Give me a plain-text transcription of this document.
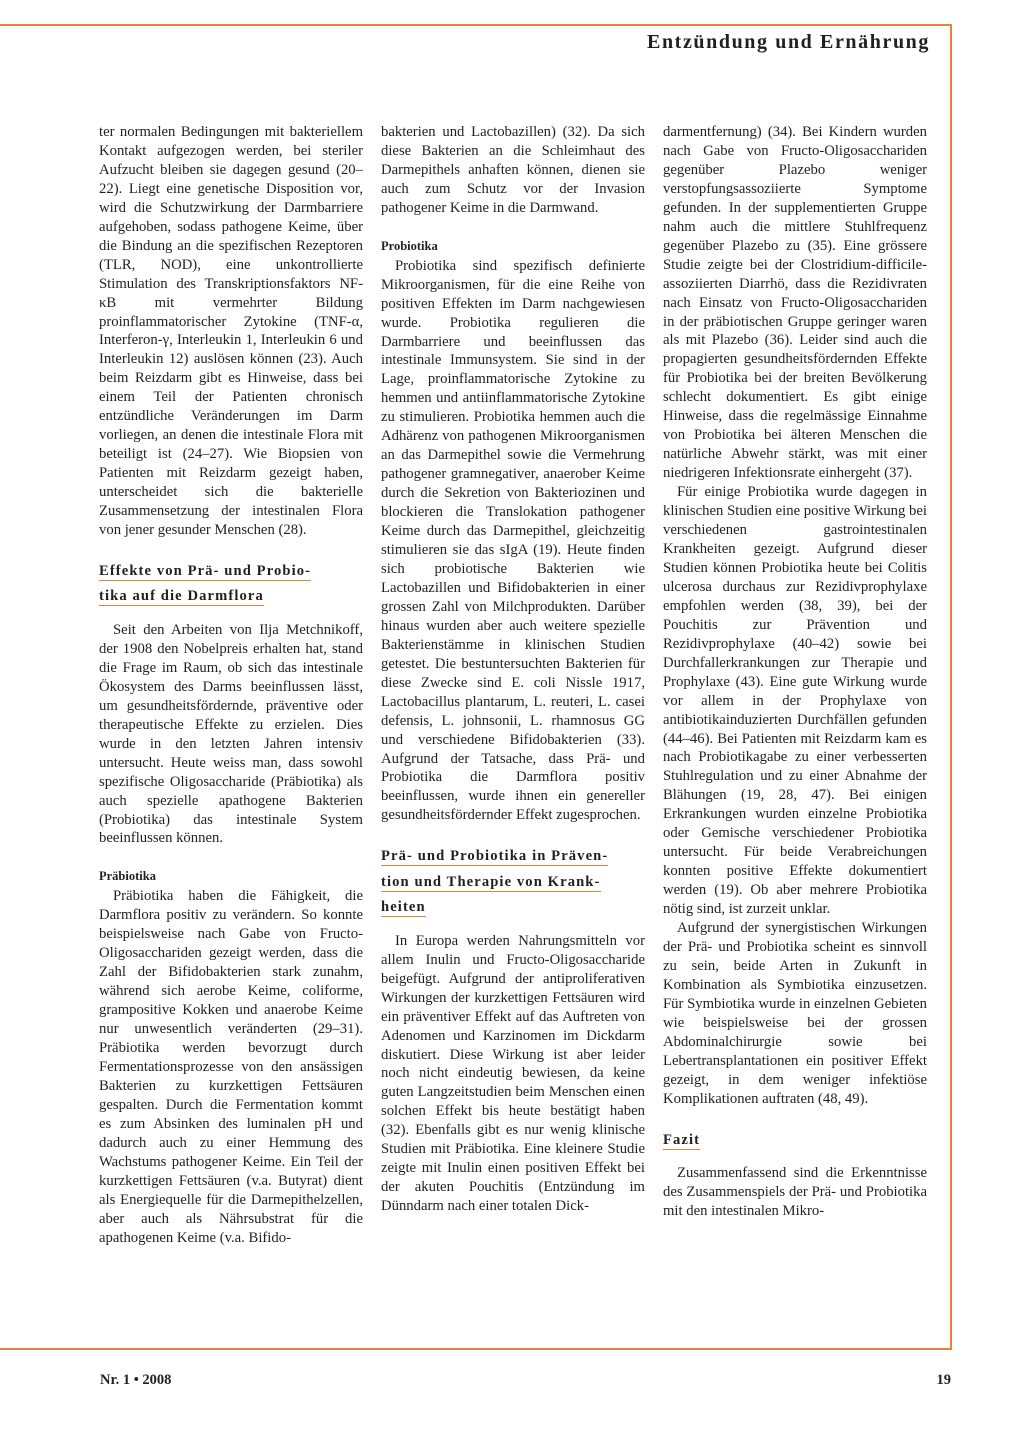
Entzündung und Ernährung

ter normalen Bedingungen mit bakteriellem Kontakt aufgezogen werden, bei steriler Aufzucht bleiben sie dagegen gesund (20–22). Liegt eine genetische Disposition vor, wird die Schutzwirkung der Darmbarriere aufgehoben, sodass pathogene Keime, über die Bindung an die spezifischen Rezeptoren (TLR, NOD), eine unkontrollierte Stimulation des Transkriptionsfaktors NF-κB mit vermehrter Bildung proinflammatorischer Zytokine (TNF-α, Interferon-γ, Interleukin 1, Interleukin 6 und Interleukin 12) auslösen können (23). Auch beim Reizdarm gibt es Hinweise, dass bei einem Teil der Patienten chronisch entzündliche Veränderungen im Darm vorliegen, an denen die intestinale Flora mit beteiligt ist (24–27). Wie Biopsien von Patienten mit Reizdarm gezeigt haben, unterscheidet sich die bakterielle Zusammensetzung der intestinalen Flora von jener gesunder Menschen (28).

Effekte von Prä- und Probio-
tika auf die Darmflora

Seit den Arbeiten von Ilja Metchnikoff, der 1908 den Nobelpreis erhalten hat, stand die Frage im Raum, ob sich das intestinale Ökosystem des Darms beeinflussen lässt, um gesundheitsfördernde, präventive oder therapeutische Effekte zu erzielen. Dies wurde in den letzten Jahren intensiv untersucht. Heute weiss man, dass sowohl spezifische Oligosaccharide (Präbiotika) als auch spezielle apathogene Bakterien (Probiotika) das intestinale System beeinflussen können.

Präbiotika

Präbiotika haben die Fähigkeit, die Darmflora positiv zu verändern. So konnte beispielsweise nach Gabe von Fructo-Oligosacchariden gezeigt werden, dass die Zahl der Bifidobakterien stark zunahm, während sich aerobe Keime, coliforme, grampositive Kokken und anaerobe Keime nur unwesentlich veränderten (29–31). Präbiotika werden bevorzugt durch Fermentationsprozesse von den ansässigen Bakterien zu kurzkettigen Fettsäuren gespalten. Durch die Fermentation kommt es zum Absinken des luminalen pH und dadurch auch zu einer Hemmung des Wachstums pathogener Keime. Ein Teil der kurzkettigen Fettsäuren (v.a. Butyrat) dient als Energiequelle für die Darmepithelzellen, aber auch als Nährsubstrat für die apathogenen Keime (v.a. Bifido-

bakterien und Lactobazillen) (32). Da sich diese Bakterien an die Schleimhaut des Darmepithels anhaften können, dienen sie auch zum Schutz vor der Invasion pathogener Keime in die Darmwand.

Probiotika

Probiotika sind spezifisch definierte Mikroorganismen, für die eine Reihe von positiven Effekten im Darm nachgewiesen wurde. Probiotika regulieren die Darmbarriere und beeinflussen das intestinale Immunsystem. Sie sind in der Lage, proinflammatorische Zytokine zu hemmen und antiinflammatorische Zytokine zu stimulieren. Probiotika hemmen auch die Adhärenz von pathogenen Mikroorganismen an das Darmepithel sowie die Vermehrung pathogener gramnegativer, anaerober Keime durch die Sekretion von Bakteriozinen und blockieren die Translokation pathogener Keime durch das Darmepithel, gleichzeitig stimulieren sie das sIgA (19). Heute finden sich probiotische Bakterien wie Lactobazillen und Bifidobakterien in einer grossen Zahl von Milchprodukten. Darüber hinaus wurden aber auch weitere spezielle Bakterienstämme in klinischen Studien getestet. Die bestuntersuchten Bakterien für diese Zwecke sind E. coli Nissle 1917, Lactobacillus plantarum, L. reuteri, L. casei defensis, L. johnsonii, L. rhamnosus GG und verschiedene Bifidobakterien (33). Aufgrund der Tatsache, dass Prä- und Probiotika die Darmflora positiv beeinflussen, wurde ihnen ein genereller gesundheitsfördernder Effekt zugesprochen.

Prä- und Probiotika in Präven-
tion und Therapie von Krank-
heiten

In Europa werden Nahrungsmitteln vor allem Inulin und Fructo-Oligosaccharide beigefügt. Aufgrund der antiproliferativen Wirkungen der kurzkettigen Fettsäuren wird ein präventiver Effekt auf das Auftreten von Adenomen und Karzinomen im Dickdarm diskutiert. Diese Wirkung ist aber leider noch nicht eindeutig bewiesen, da keine guten Langzeitstudien beim Menschen einen solchen Effekt bis heute bestätigt haben (32). Ebenfalls gibt es nur wenig klinische Studien mit Präbiotika. Eine kleinere Studie zeigte mit Inulin einen positiven Effekt bei der akuten Pouchitis (Entzündung im Dünndarm nach einer totalen Dick-

darmentfernung) (34). Bei Kindern wurden nach Gabe von Fructo-Oligosacchariden gegenüber Plazebo weniger verstopfungsassoziierte Symptome gefunden. In der supplementierten Gruppe nahm auch die mittlere Stuhlfrequenz gegenüber Plazebo zu (35). Eine grössere Studie zeigte bei der Clostridium-difficile-assoziierten Diarrhö, dass die Rezidivraten nach Einsatz von Fructo-Oligosacchariden in der präbiotischen Gruppe geringer waren als mit Plazebo (36). Leider sind auch die propagierten gesundheitsfördernden Effekte für Probiotika bei der breiten Bevölkerung schlecht dokumentiert. Es gibt einige Hinweise, dass die regelmässige Einnahme von Probiotika bei älteren Menschen die natürliche Abwehr stärkt, was mit einer niedrigeren Infektionsrate einhergeht (37).

Für einige Probiotika wurde dagegen in klinischen Studien eine positive Wirkung bei verschiedenen gastrointestinalen Krankheiten gezeigt. Aufgrund dieser Studien können Probiotika heute bei Colitis ulcerosa durchaus zur Rezidivprophylaxe empfohlen werden (38, 39), bei der Pouchitis zur Prävention und Rezidivprophylaxe (40–42) sowie bei Durchfallerkrankungen zur Therapie und Prophylaxe (43). Eine gute Wirkung wurde vor allem in der Prophylaxe von antibiotikainduzierten Durchfällen gefunden (44–46). Bei Patienten mit Reizdarm kam es nach Probiotikagabe zu einer verbesserten Stuhlregulation und zu einer Abnahme der Blähungen (19, 28, 47). Bei einigen Erkrankungen wurden einzelne Probiotika oder Gemische verschiedener Probiotika untersucht. Für beide Verabreichungen konnten positive Effekte dokumentiert werden (19). Ob aber mehrere Probiotika nötig sind, ist zurzeit unklar.

Aufgrund der synergistischen Wirkungen der Prä- und Probiotika scheint es sinnvoll zu sein, beide Arten in Zukunft in Kombination als Symbiotika einzusetzen. Für Symbiotika wurde in einzelnen Gebieten wie beispielsweise bei der grossen Abdominalchirurgie sowie bei Lebertransplantationen ein positiver Effekt gezeigt, in dem weniger infektiöse Komplikationen auftraten (48, 49).

Fazit

Zusammenfassend sind die Erkenntnisse des Zusammenspiels der Prä- und Probiotika mit den intestinalen Mikro-

Nr. 1 • 2008	19
